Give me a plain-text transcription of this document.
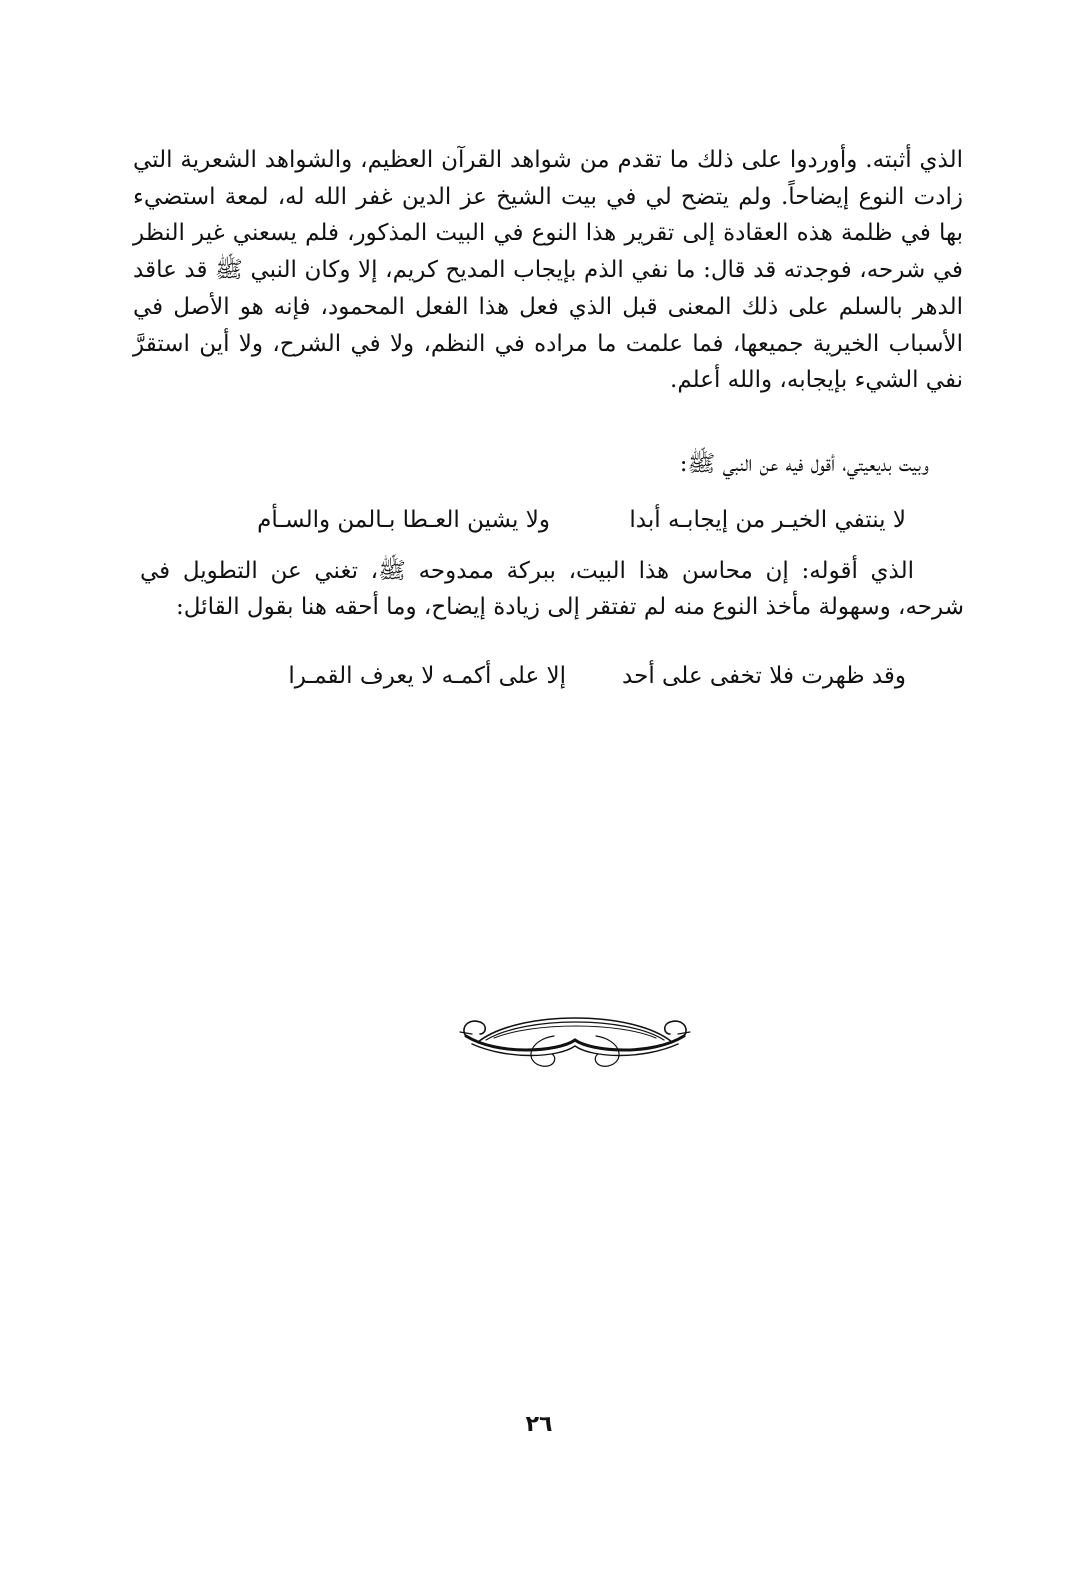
الذي أثبته. وأوردوا على ذلك ما تقدم من شواهد القرآن العظيم، والشواهد الشعرية التي زادت النوع إيضاحاً. ولم يتضح لي في بيت الشيخ عز الدين غفر الله له، لمعة استضيء بها في ظلمة هذه العقادة إلى تقرير هذا النوع في البيت المذكور، فلم يسعني غير النظر في شرحه، فوجدته قد قال: ما نفي الذم بإيجاب المديح كريم، إلا وكان النبي ﷺ قد عاقد الدهر بالسلم على ذلك المعنى قبل الذي فعل هذا الفعل المحمود، فإنه هو الأصل في الأسباب الخيرية جميعها، فما علمت ما مراده في النظم، ولا في الشرح، ولا أين استقرَّ نفي الشيء بإيجابه، والله أعلم.

وبيت بديعيتي، أقول فيه عن النبي ﷺ:
لا ينتفي الخيـر من إيجابـه أبدا
ولا يشين العـطا بـالمن والسـأم

الذي أقوله: إن محاسن هذا البيت، ببركة ممدوحه ﷺ، تغني عن التطويل في شرحه، وسهولة مأخذ النوع منه لم تفتقر إلى زيادة إيضاح، وما أحقه هنا بقول القائل:

وقد ظهرت فلا تخفى على أحد
إلا على أكمـه لا يعرف القمـرا
٢٦
